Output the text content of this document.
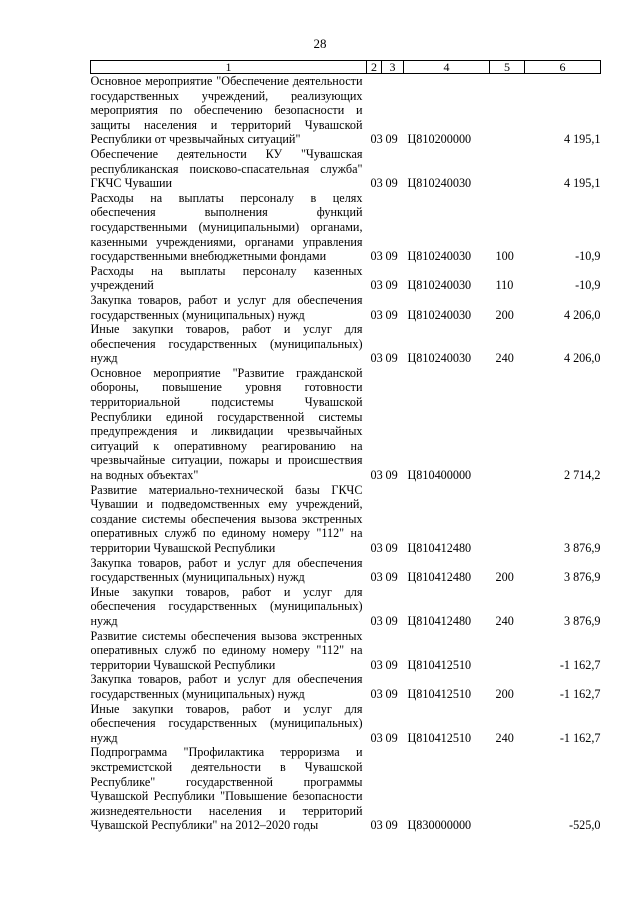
28
1	2	3	4	5	6
Основное мероприятие "Обеспечение деятельности государственных учреждений, реализующих мероприятия по обеспечению безопасности и защиты населения и территорий Чувашской Республики от чрезвычайных ситуаций"	03	09	Ц810200000		4 195,1
Обеспечение деятельности КУ "Чувашская республиканская поисково-спасательная служба" ГКЧС Чувашии	03	09	Ц810240030		4 195,1
Расходы на выплаты персоналу в целях обеспечения выполнения функций государственными (муниципальными) органами, казенными учреждениями, органами управления государственными внебюджетными фондами	03	09	Ц810240030	100	-10,9
Расходы на выплаты персоналу казенных учреждений	03	09	Ц810240030	110	-10,9
Закупка товаров, работ и услуг для обеспечения государственных (муниципальных) нужд	03	09	Ц810240030	200	4 206,0
Иные закупки товаров, работ и услуг для обеспечения государственных (муниципальных) нужд	03	09	Ц810240030	240	4 206,0
Основное мероприятие "Развитие гражданской обороны, повышение уровня готовности территориальной подсистемы Чувашской Республики единой государственной системы предупреждения и ликвидации чрезвычайных ситуаций к оперативному реагированию на чрезвычайные ситуации, пожары и происшествия на водных объектах"	03	09	Ц810400000		2 714,2
Развитие материально-технической базы ГКЧС Чувашии и подведомственных ему учреждений, создание системы обеспечения вызова экстренных оперативных служб по единому номеру "112" на территории Чувашской Республики	03	09	Ц810412480		3 876,9
Закупка товаров, работ и услуг для обеспечения государственных (муниципальных) нужд	03	09	Ц810412480	200	3 876,9
Иные закупки товаров, работ и услуг для обеспечения государственных (муниципальных) нужд	03	09	Ц810412480	240	3 876,9
Развитие системы обеспечения вызова экстренных оперативных служб по единому номеру "112" на территории Чувашской Республики	03	09	Ц810412510		-1 162,7
Закупка товаров, работ и услуг для обеспечения государственных (муниципальных) нужд	03	09	Ц810412510	200	-1 162,7
Иные закупки товаров, работ и услуг для обеспечения государственных (муниципальных) нужд	03	09	Ц810412510	240	-1 162,7
Подпрограмма "Профилактика терроризма и экстремистской деятельности в Чувашской Республике" государственной программы Чувашской Республики "Повышение безопасности жизнедеятельности населения и территорий Чувашской Республики" на 2012–2020 годы	03	09	Ц830000000		-525,0
